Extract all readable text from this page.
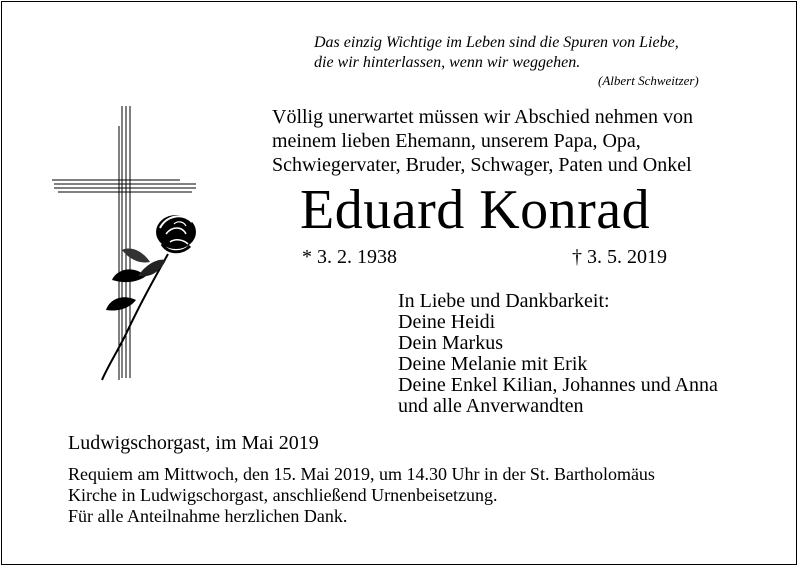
Das einzig Wichtige im Leben sind die Spuren von Liebe,
die wir hinterlassen, wenn wir weggehen.
(Albert Schweitzer)
Völlig unerwartet müssen wir Abschied nehmen von
meinem lieben Ehemann, unserem Papa, Opa,
Schwiegervater, Bruder, Schwager, Paten und Onkel
Eduard Konrad
* 3. 2. 1938	† 3. 5. 2019
In Liebe und Dankbarkeit:
Deine Heidi
Dein Markus
Deine Melanie mit Erik
Deine Enkel Kilian, Johannes und Anna
und alle Anverwandten
Ludwigschorgast, im Mai 2019
Requiem am Mittwoch, den 15. Mai 2019, um 14.30 Uhr in der St. Bartholomäus
Kirche in Ludwigschorgast, anschließend Urnenbeisetzung.
Für alle Anteilnahme herzlichen Dank.
